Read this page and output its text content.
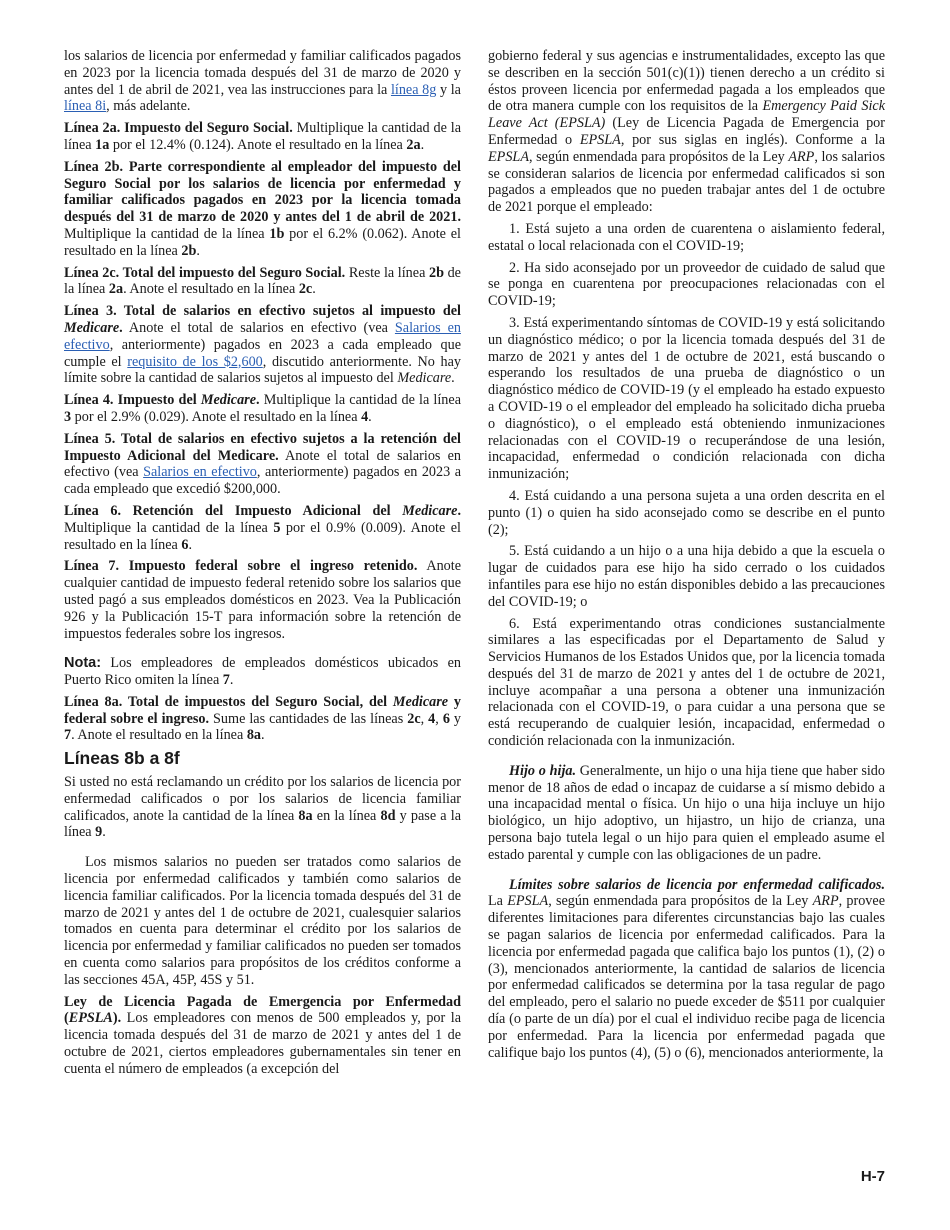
los salarios de licencia por enfermedad y familiar calificados pagados en 2023 por la licencia tomada después del 31 de marzo de 2020 y antes del 1 de abril de 2021, vea las instrucciones para la línea 8g y la línea 8i, más adelante.

Línea 2a. Impuesto del Seguro Social. Multiplique la cantidad de la línea 1a por el 12.4% (0.124). Anote el resultado en la línea 2a.

Línea 2b. Parte correspondiente al empleador del impuesto del Seguro Social por los salarios de licencia por enfermedad y familiar calificados pagados en 2023 por la licencia tomada después del 31 de marzo de 2020 y antes del 1 de abril de 2021. Multiplique la cantidad de la línea 1b por el 6.2% (0.062). Anote el resultado en la línea 2b.

Línea 2c. Total del impuesto del Seguro Social. Reste la línea 2b de la línea 2a. Anote el resultado en la línea 2c.

Línea 3. Total de salarios en efectivo sujetos al impuesto del Medicare. Anote el total de salarios en efectivo (vea Salarios en efectivo, anteriormente) pagados en 2023 a cada empleado que cumple el requisito de los $2,600, discutido anteriormente. No hay límite sobre la cantidad de salarios sujetos al impuesto del Medicare.

Línea 4. Impuesto del Medicare. Multiplique la cantidad de la línea 3 por el 2.9% (0.029). Anote el resultado en la línea 4.

Línea 5. Total de salarios en efectivo sujetos a la retención del Impuesto Adicional del Medicare. Anote el total de salarios en efectivo (vea Salarios en efectivo, anteriormente) pagados en 2023 a cada empleado que excedió $200,000.

Línea 6. Retención del Impuesto Adicional del Medicare. Multiplique la cantidad de la línea 5 por el 0.9% (0.009). Anote el resultado en la línea 6.

Línea 7. Impuesto federal sobre el ingreso retenido. Anote cualquier cantidad de impuesto federal retenido sobre los salarios que usted pagó a sus empleados domésticos en 2023. Vea la Publicación 926 y la Publicación 15-T para información sobre la retención de impuestos federales sobre los ingresos.

Nota: Los empleadores de empleados domésticos ubicados en Puerto Rico omiten la línea 7.

Línea 8a. Total de impuestos del Seguro Social, del Medicare y federal sobre el ingreso. Sume las cantidades de las líneas 2c, 4, 6 y 7. Anote el resultado en la línea 8a.

Líneas 8b a 8f

Si usted no está reclamando un crédito por los salarios de licencia por enfermedad calificados o por los salarios de licencia familiar calificados, anote la cantidad de la línea 8a en la línea 8d y pase a la línea 9.

Los mismos salarios no pueden ser tratados como salarios de licencia por enfermedad calificados y también como salarios de licencia familiar calificados. Por la licencia tomada después del 31 de marzo de 2021 y antes del 1 de octubre de 2021, cualesquier salarios tomados en cuenta para determinar el crédito por los salarios de licencia por enfermedad y familiar calificados no pueden ser tomados en cuenta como salarios para propósitos de los créditos conforme a las secciones 45A, 45P, 45S y 51.

Ley de Licencia Pagada de Emergencia por Enfermedad (EPSLA). Los empleadores con menos de 500 empleados y, por la licencia tomada después del 31 de marzo de 2021 y antes del 1 de octubre de 2021, ciertos empleadores gubernamentales sin tener en cuenta el número de empleados (a excepción del

gobierno federal y sus agencias e instrumentalidades, excepto las que se describen en la sección 501(c)(1)) tienen derecho a un crédito si éstos proveen licencia por enfermedad pagada a los empleados que de otra manera cumple con los requisitos de la Emergency Paid Sick Leave Act (EPSLA) (Ley de Licencia Pagada de Emergencia por Enfermedad o EPSLA, por sus siglas en inglés). Conforme a la EPSLA, según enmendada para propósitos de la Ley ARP, los salarios se consideran salarios de licencia por enfermedad calificados si son pagados a empleados que no pueden trabajar antes del 1 de octubre de 2021 porque el empleado:

1. Está sujeto a una orden de cuarentena o aislamiento federal, estatal o local relacionada con el COVID-19;

2. Ha sido aconsejado por un proveedor de cuidado de salud que se ponga en cuarentena por preocupaciones relacionadas con el COVID-19;

3. Está experimentando síntomas de COVID-19 y está solicitando un diagnóstico médico; o por la licencia tomada después del 31 de marzo de 2021 y antes del 1 de octubre de 2021, está buscando o esperando los resultados de una prueba de diagnóstico o un diagnóstico médico de COVID-19 (y el empleado ha estado expuesto a COVID-19 o el empleador del empleado ha solicitado dicha prueba o diagnóstico), o el empleado está obteniendo inmunizaciones relacionadas con el COVID-19 o recuperándose de una lesión, incapacidad, enfermedad o condición relacionada con dicha inmunización;

4. Está cuidando a una persona sujeta a una orden descrita en el punto (1) o quien ha sido aconsejado como se describe en el punto (2);

5. Está cuidando a un hijo o a una hija debido a que la escuela o lugar de cuidados para ese hijo ha sido cerrado o los cuidados infantiles para ese hijo no están disponibles debido a las precauciones del COVID-19; o

6. Está experimentando otras condiciones sustancialmente similares a las especificadas por el Departamento de Salud y Servicios Humanos de los Estados Unidos que, por la licencia tomada después del 31 de marzo de 2021 y antes del 1 de octubre de 2021, incluye acompañar a una persona a obtener una inmunización relacionada con el COVID-19, o para cuidar a una persona que se está recuperando de cualquier lesión, incapacidad, enfermedad o condición relacionada con la inmunización.

Hijo o hija. Generalmente, un hijo o una hija tiene que haber sido menor de 18 años de edad o incapaz de cuidarse a sí mismo debido a una incapacidad mental o física. Un hijo o una hija incluye un hijo biológico, un hijo adoptivo, un hijastro, un hijo de crianza, una persona bajo tutela legal o un hijo para quien el empleado asume el estado parental y cumple con las obligaciones de un padre.

Límites sobre salarios de licencia por enfermedad calificados. La EPSLA, según enmendada para propósitos de la Ley ARP, provee diferentes limitaciones para diferentes circunstancias bajo las cuales se pagan salarios de licencia por enfermedad calificados. Para la licencia por enfermedad pagada que califica bajo los puntos (1), (2) o (3), mencionados anteriormente, la cantidad de salarios de licencia por enfermedad calificados se determina por la tasa regular de pago del empleado, pero el salario no puede exceder de $511 por cualquier día (o parte de un día) por el cual el individuo recibe paga de licencia por enfermedad. Para la licencia por enfermedad pagada que califique bajo los puntos (4), (5) o (6), mencionados anteriormente, la

H-7
